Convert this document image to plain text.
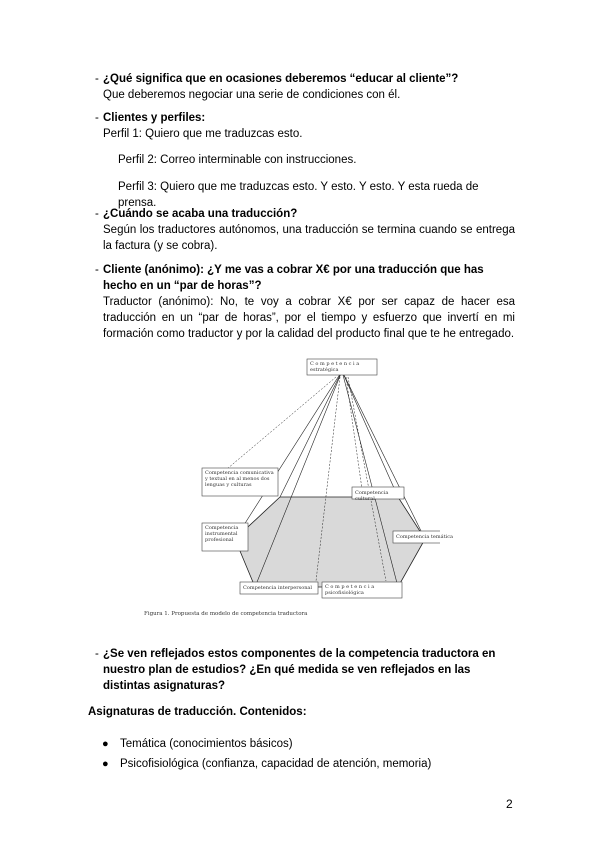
- ¿Qué significa que en ocasiones deberemos “educar al cliente”?
Que deberemos negociar una serie de condiciones con él.
- Clientes y perfiles:
Perfil 1: Quiero que me traduzcas esto.
Perfil 2: Correo interminable con instrucciones.
Perfil 3: Quiero que me traduzcas esto. Y esto. Y esto. Y esta rueda de prensa.
- ¿Cuándo se acaba una traducción?
Según los traductores autónomos, una traducción se termina cuando se entrega la factura (y se cobra).
- Cliente (anónimo): ¿Y me vas a cobrar X€ por una traducción que has hecho en un “par de horas”?
Traductor (anónimo): No, te voy a cobrar X€ por ser capaz de hacer esa traducción en un “par de horas”, por el tiempo y esfuerzo que invertí en mi formación como traductor y por la calidad del producto final que te he entregado.
C o m p e t e n c i a
estratégica
Competencia comunicativa y textual en al menos dos lenguas y culturas
Competencia cultural
Competencia instrumental profesional	Competencia temática
Competencia interpersonal	C o m p e t e n c i a
psicofisiológica
Figura 1. Propuesta de modelo de competencia traductora
- ¿Se ven reflejados estos componentes de la competencia traductora en nuestro plan de estudios? ¿En qué medida se ven reflejados en las distintas asignaturas?
Asignaturas de traducción. Contenidos:
● Temática (conocimientos básicos)
● Psicofisiológica (confianza, capacidad de atención, memoria)
2
